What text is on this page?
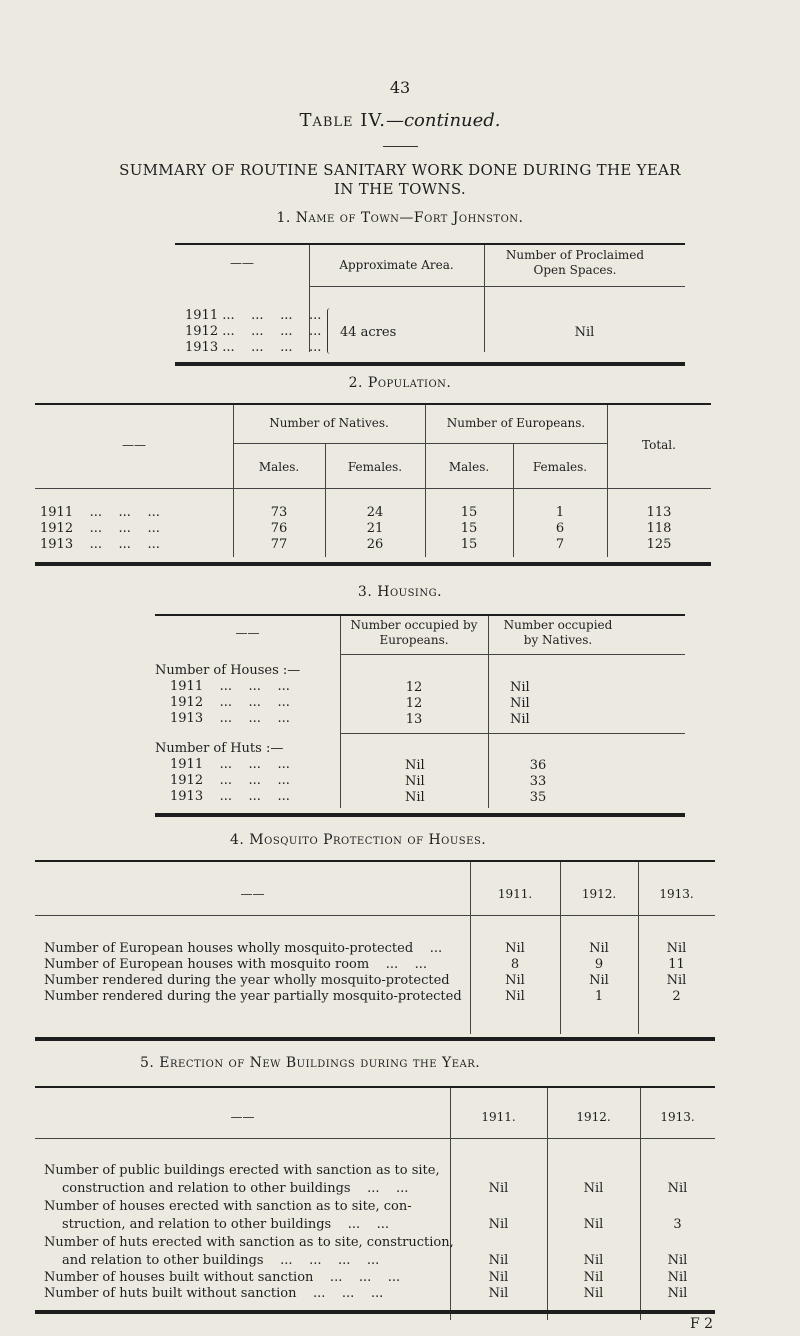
43
Table IV.—continued.
SUMMARY OF ROUTINE SANITARY WORK DONE DURING THE YEAR
IN THE TOWNS.
1. Name of Town—Fort Johnston.
——	Approximate Area.
Number of Proclaimed Open Spaces.
1911 ...    ...    ...    ...
1912 ...    ...    ...    ...
1913 ...    ...    ...    ...
44 acres	Nil
2. Population.
——
Number of Natives.	Number of Europeans.
Total.
Males.	Females.	Males.	Females.
1911    ...    ...    ...	73	24	15	1	113
1912    ...    ...    ...	76	21	15	6	118
1913    ...    ...    ...	77	26	15	7	125
3. Housing.
——
Number occupied by Europeans.
Number occupied by Natives.
Number of Houses :—
1911    ...    ...    ...	12	Nil
1912    ...    ...    ...	12	Nil
1913    ...    ...    ...	13	Nil
Number of Huts :—
1911    ...    ...    ...	Nil	36
1912    ...    ...    ...	Nil	33
1913    ...    ...    ...	Nil	35
4. Mosquito Protection of Houses.
——	1911.	1912.	1913.
Number of European houses wholly mosquito-protected    ...	Nil	Nil	Nil
Number of European houses with mosquito room    ...    ...	8	9	11
Number rendered during the year wholly mosquito-protected	Nil	Nil	Nil
Number rendered during the year partially mosquito-protected	Nil	1	2
5. Erection of New Buildings during the Year.
——	1911.	1912.	1913.
Number of public buildings erected with sanction as to site,
construction and relation to other buildings    ...    ...	Nil	Nil	Nil
Number of houses erected with sanction as to site, con-
struction, and relation to other buildings    ...    ...	Nil	Nil	3
Number of huts erected with sanction as to site, construction,
and relation to other buildings    ...    ...    ...    ...	Nil	Nil	Nil
Number of houses built without sanction    ...    ...    ...	Nil	Nil	Nil
Number of huts built without sanction    ...    ...    ...	Nil	Nil	Nil
F 2
